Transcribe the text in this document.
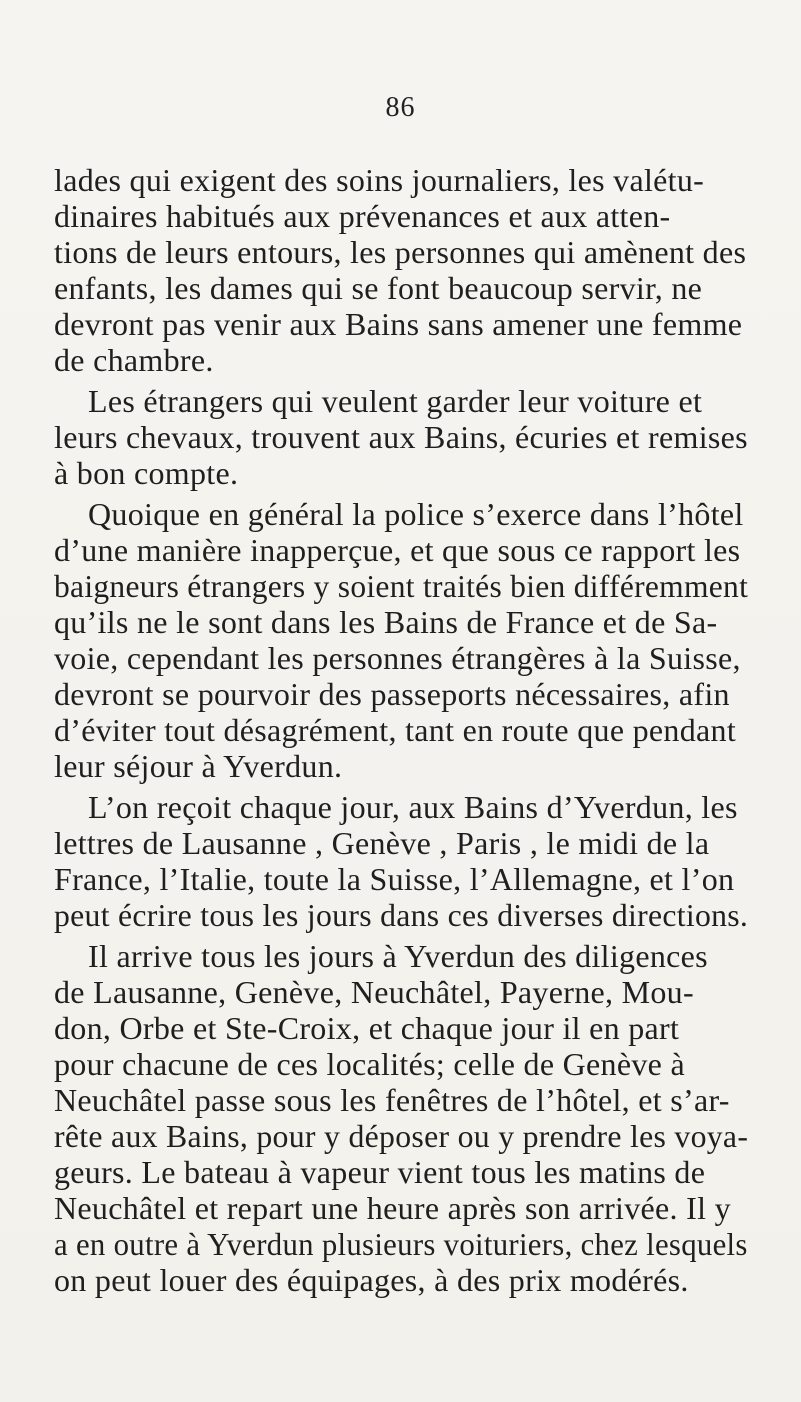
86
lades qui exigent des soins journaliers, les valétu-
dinaires habitués aux prévenances et aux atten-
tions de leurs entours, les personnes qui amènent des
enfants, les dames qui se font beaucoup servir, ne
devront pas venir aux Bains sans amener une femme
de chambre.
Les étrangers qui veulent garder leur voiture et
leurs chevaux, trouvent aux Bains, écuries et remises
à bon compte.
Quoique en général la police s’exerce dans l’hôtel
d’une manière inapperçue, et que sous ce rapport les
baigneurs étrangers y soient traités bien différemment
qu’ils ne le sont dans les Bains de France et de Sa-
voie, cependant les personnes étrangères à la Suisse,
devront se pourvoir des passeports nécessaires, afin
d’éviter tout désagrément, tant en route que pendant
leur séjour à Yverdun.
L’on reçoit chaque jour, aux Bains d’Yverdun, les
lettres de Lausanne , Genève , Paris , le midi de la
France, l’Italie, toute la Suisse, l’Allemagne, et l’on
peut écrire tous les jours dans ces diverses directions.
Il arrive tous les jours à Yverdun des diligences
de Lausanne, Genève, Neuchâtel, Payerne, Mou-
don, Orbe et Ste-Croix, et chaque jour il en part
pour chacune de ces localités; celle de Genève à
Neuchâtel passe sous les fenêtres de l’hôtel, et s’ar-
rête aux Bains, pour y déposer ou y prendre les voya-
geurs. Le bateau à vapeur vient tous les matins de
Neuchâtel et repart une heure après son arrivée. Il y
a en outre à Yverdun plusieurs voituriers, chez lesquels
on peut louer des équipages, à des prix modérés.
